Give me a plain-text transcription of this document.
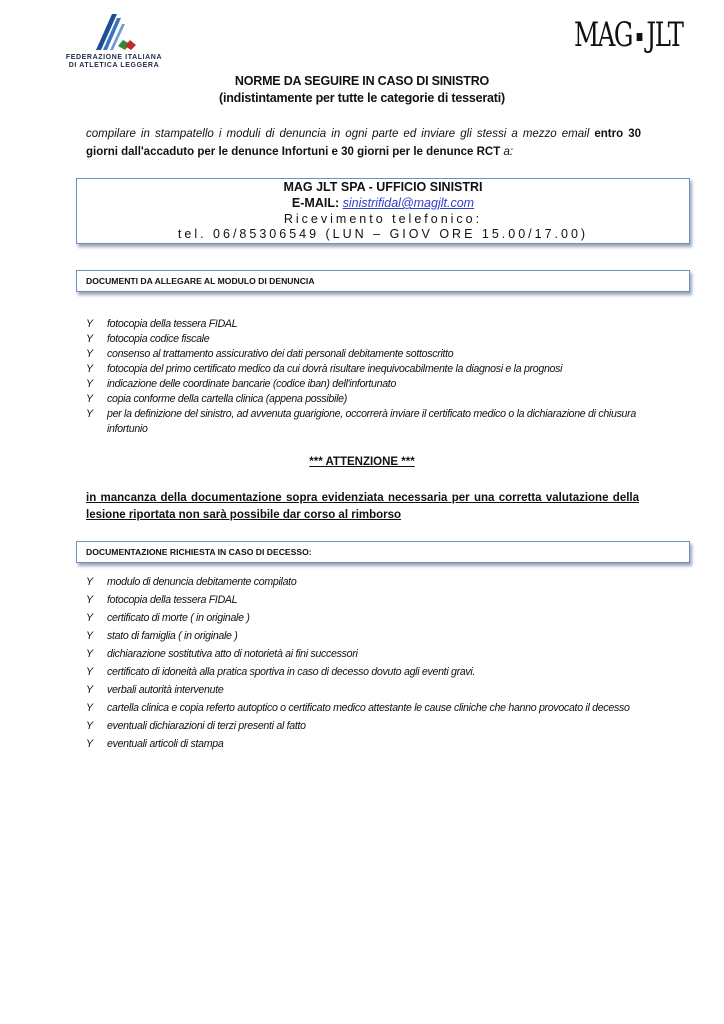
FEDERAZIONE ITALIANA
DI ATLETICA LEGGERA
MAG JLT
NORME DA SEGUIRE IN CASO DI SINISTRO
(indistintamente per tutte le categorie di tesserati)
compilare in stampatello i moduli di denuncia in ogni parte ed inviare gli stessi a mezzo email entro 30 giorni dall'accaduto per le denunce Infortuni e 30 giorni per le denunce RCT a:
MAG JLT SPA - UFFICIO SINISTRI
E-MAIL: sinistrifidal@magjlt.com
Ricevimento telefonico:
tel. 06/85306549 (LUN – GIOV ORE 15.00/17.00)
DOCUMENTI DA ALLEGARE AL MODULO DI DENUNCIA
Y fotocopia della tessera FIDAL
Y fotocopia codice fiscale
Y consenso al trattamento assicurativo dei dati personali debitamente sottoscritto
Y fotocopia del primo certificato medico da cui dovrà risultare inequivocabilmente la diagnosi e la prognosi
Y indicazione delle coordinate bancarie (codice iban) dell'infortunato
Y copia conforme della cartella clinica (appena possibile)
Y per la definizione del sinistro, ad avvenuta guarigione, occorrerà inviare il certificato medico o la dichiarazione di chiusura infortunio
*** ATTENZIONE ***
in mancanza della documentazione sopra evidenziata necessaria per una corretta valutazione della lesione riportata non sarà possibile dar corso al rimborso
DOCUMENTAZIONE RICHIESTA IN CASO DI DECESSO:
Y modulo di denuncia debitamente compilato
Y fotocopia della tessera FIDAL
Y certificato di morte ( in originale )
Y stato di famiglia ( in originale )
Y dichiarazione sostitutiva atto di notorietà ai fini successori
Y certificato di idoneità alla pratica sportiva in caso di decesso dovuto agli eventi gravi.
Y verbali autorità intervenute
Y cartella clinica e copia referto autoptico o certificato medico attestante le cause cliniche che hanno provocato il decesso
Y eventuali dichiarazioni di terzi presenti al fatto
Y eventuali articoli di stampa
